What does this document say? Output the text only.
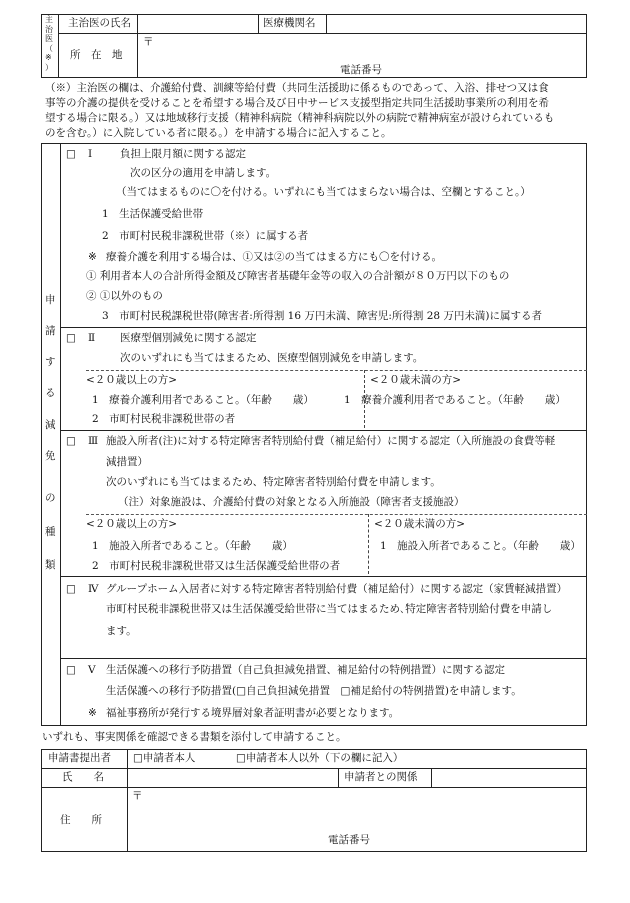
主
治
医
（
※
）
主治医の氏名	医療機関名
所　在　地
〒
電話番号
（※）主治医の欄は、介護給付費、訓練等給付費（共同生活援助に係るものであって、入浴、排せつ又は食
事等の介護の提供を受けることを希望する場合及び日中サービス支援型指定共同生活援助事業所の利用を希
望する場合に限る。）又は地域移行支援（精神科病院（精神科病院以外の病院で精神病室が設けられているも
のを含む。）に入院している者に限る。）を申請する場合に記入すること。
申
請
す
る
減
免
の
種
類
□ Ⅰ	負担上限月額に関する認定
次の区分の適用を申請します。
（当てはまるものに〇を付ける。いずれにも当てはまらない場合は、空欄とすること。）
1　生活保護受給世帯
2　市町村民税非課税世帯（※）に属する者
※ 療養介護を利用する場合は、①又は②の当てはまる方にも〇を付ける。
① 利用者本人の合計所得金額及び障害者基礎年金等の収入の合計額が８０万円以下のもの
② ①以外のもの
3　市町村民税課税世帯(障害者:所得割 16 万円未満、障害児:所得割 28 万円未満)に属する者
□ Ⅱ 医療型個別減免に関する認定
次のいずれにも当てはまるため、医療型個別減免を申請します。
<２０歳以上の方>
1　療養介護利用者であること。（年齢　　歳）
2　市町村民税非課税世帯の者
<２０歳未満の方>
1　療養介護利用者であること。（年齢　　歳）
□ Ⅲ 施設入所者(注)に対する特定障害者特別給付費（補足給付）に関する認定（入所施設の食費等軽
減措置）
次のいずれにも当てはまるため、特定障害者特別給付費を申請します。
（注）対象施設は、介護給付費の対象となる入所施設（障害者支援施設）
<２０歳以上の方>
1　施設入所者であること。（年齢　　歳）
2　市町村民税非課税世帯又は生活保護受給世帯の者
<２０歳未満の方>
1　施設入所者であること。（年齢　　歳）
□ Ⅳ グループホーム入居者に対する特定障害者特別給付費（補足給付）に関する認定（家賃軽減措置）
市町村民税非課税世帯又は生活保護受給世帯に当てはまるため､特定障害者特別給付費を申請し
ます。
□ Ⅴ 生活保護への移行予防措置（自己負担減免措置、補足給付の特例措置）に関する認定
生活保護への移行予防措置(□自己負担減免措置　□補足給付の特例措置)を申請します。
※ 福祉事務所が発行する境界層対象者証明書が必要となります。
いずれも、事実関係を確認できる書類を添付して申請すること。
申請書提出者 □申請者本人	□申請者本人以外（下の欄に記入）
氏　　名	申請者との関係
住　　所
〒
電話番号
